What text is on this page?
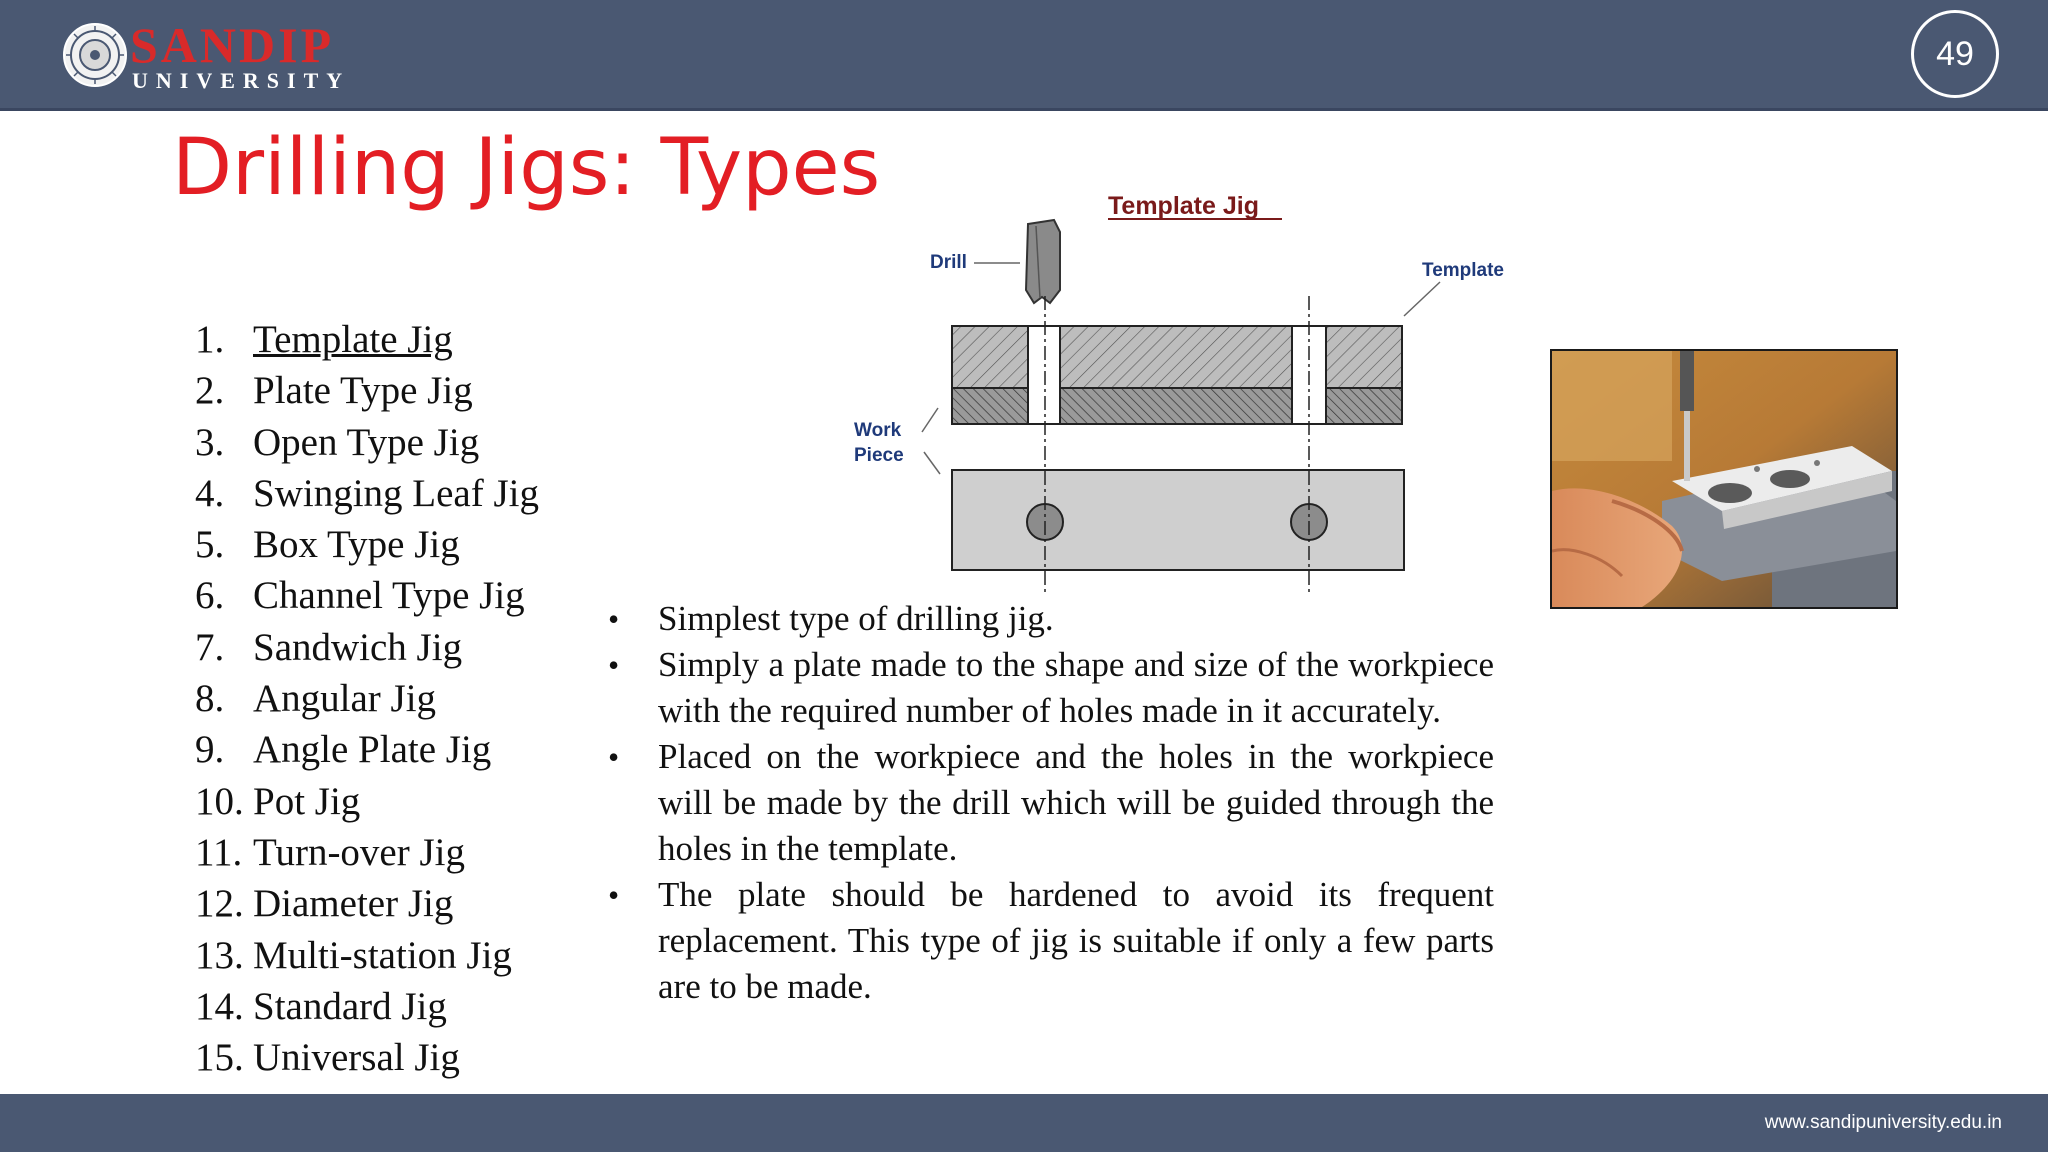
SANDIP
UNIVERSITY
49
Drilling Jigs: Types
1. Template Jig
2. Plate Type Jig
3. Open Type Jig
4. Swinging Leaf Jig
5. Box Type Jig
6. Channel Type Jig
7. Sandwich Jig
8. Angular Jig
9. Angle Plate Jig
10. Pot Jig
11. Turn-over Jig
12. Diameter Jig
13. Multi-station Jig
14. Standard Jig
15. Universal Jig
Template Jig
Drill	Template
Work
Piece
• Simplest type of drilling jig.
• Simply a plate made to the shape and size of the workpiece with the required number of holes made in it accurately.
• Placed on the workpiece and the holes in the workpiece will be made by the drill which will be guided through the holes in the template.
• The plate should be hardened to avoid its frequent replacement. This type of jig is suitable if only a few parts are to be made.
www.sandipuniversity.edu.in
